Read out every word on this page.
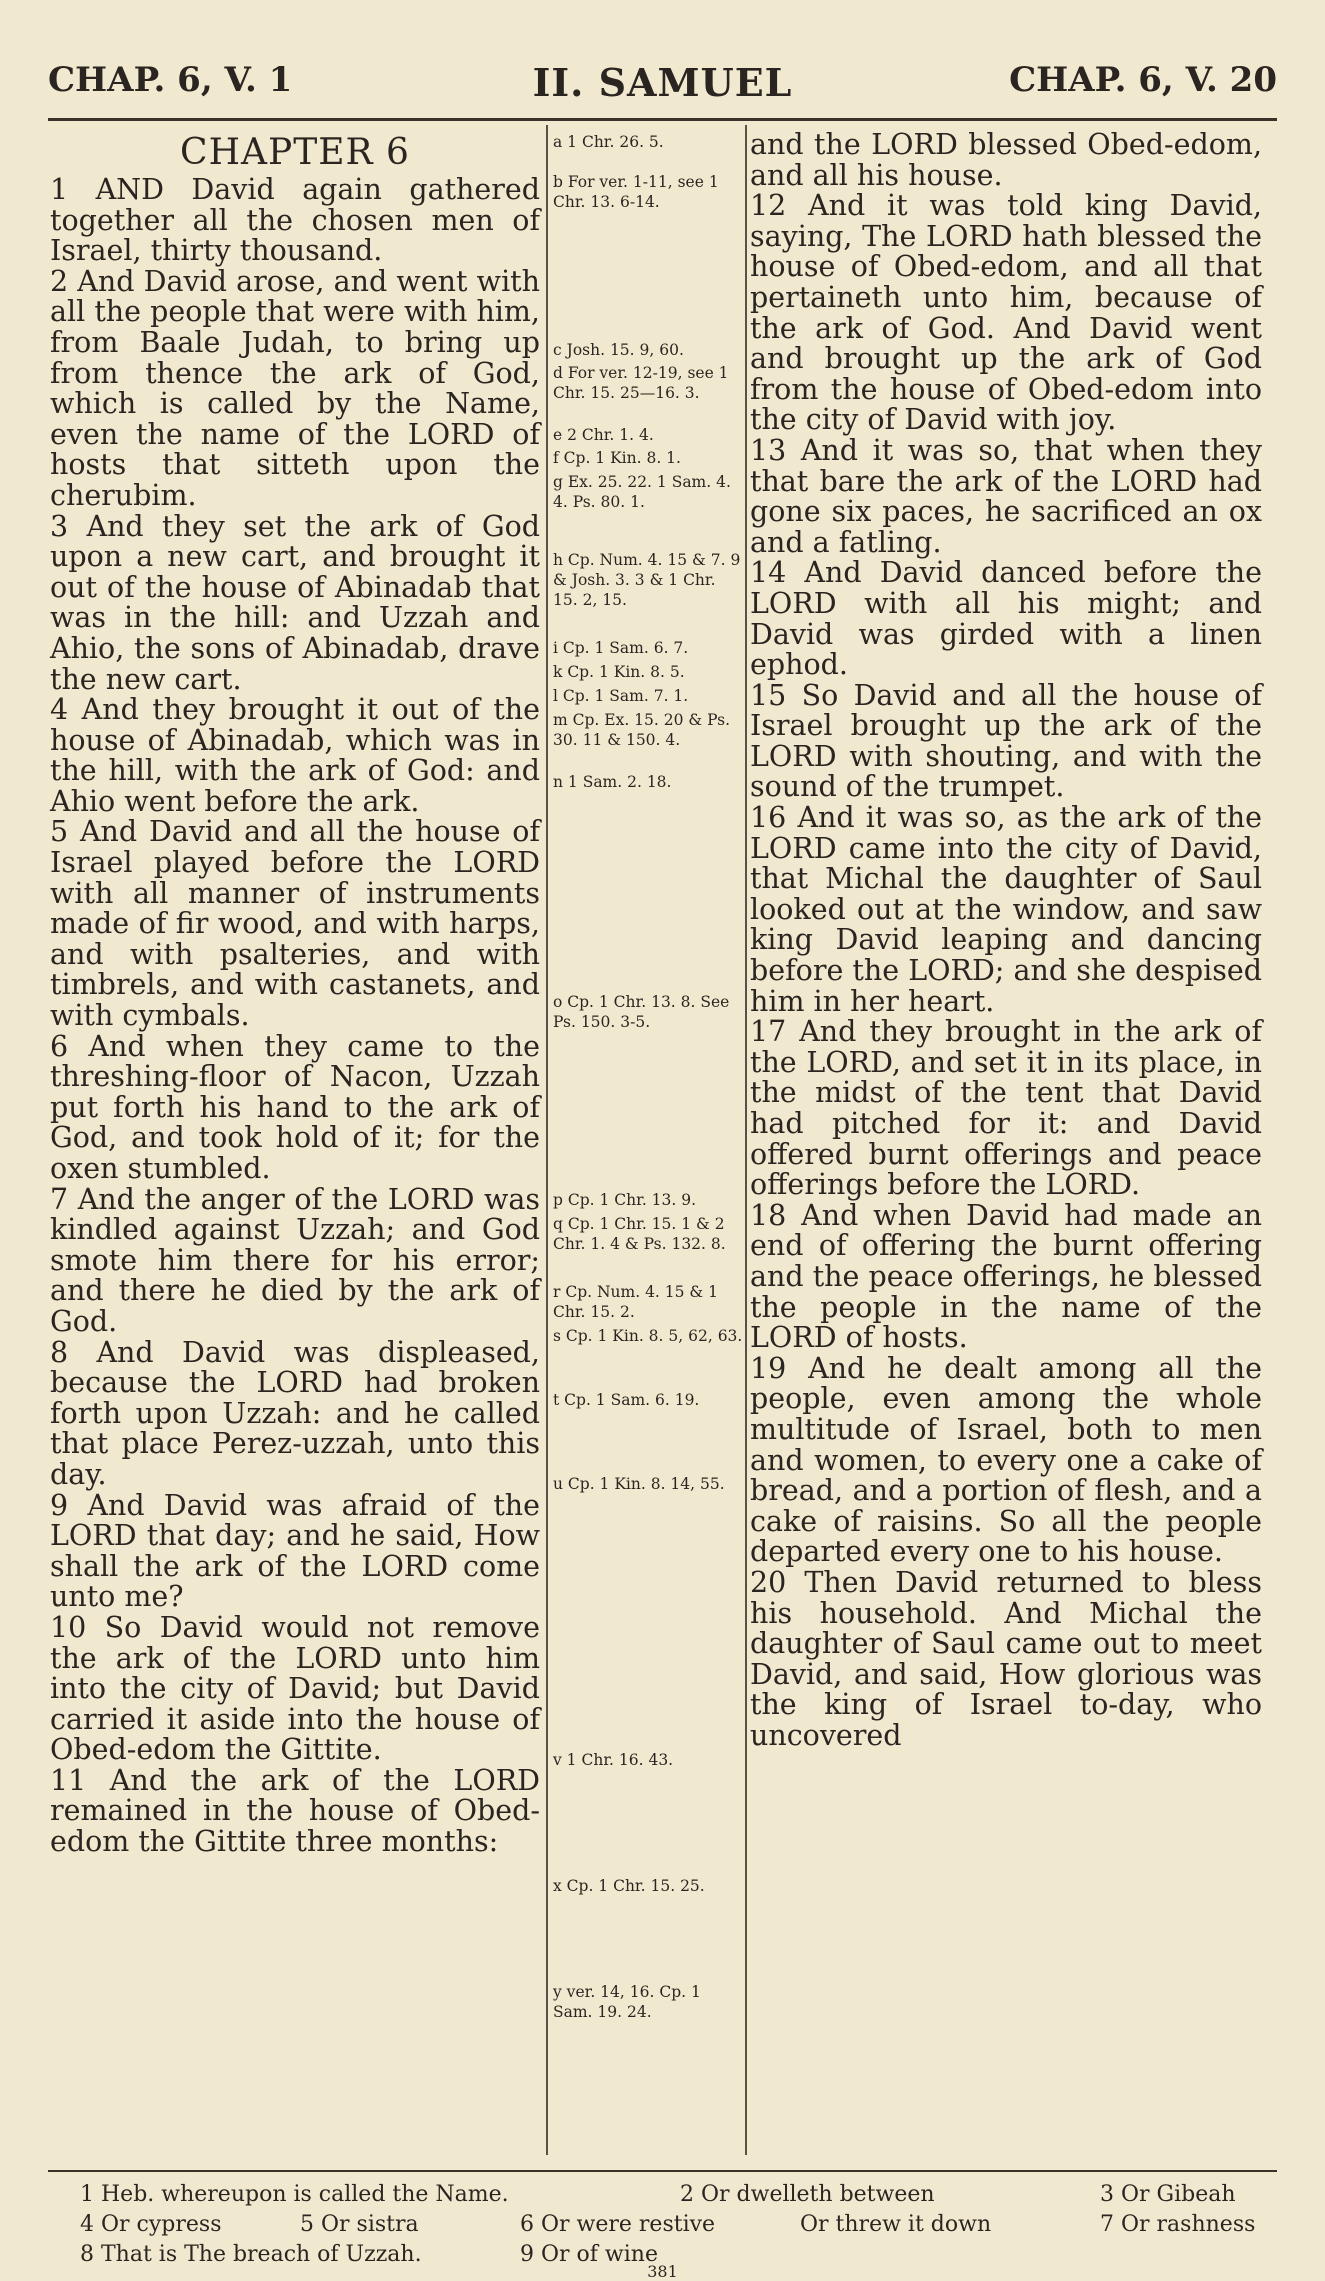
CHAP. 6, V. 1	II. SAMUEL	CHAP. 6, V. 20
CHAPTER 6

1 AND David again gathered together all the chosen men of Israel, thirty thousand.

2 And David arose, and went with all the people that were with him, from Baale Judah, to bring up from thence the ark of God, which is called by the Name, even the name of the LORD of hosts that sitteth upon the cherubim.

3 And they set the ark of God upon a new cart, and brought it out of the house of Abinadab that was in the hill: and Uzzah and Ahio, the sons of Abinadab, drave the new cart.

4 And they brought it out of the house of Abinadab, which was in the hill, with the ark of God: and Ahio went before the ark.

5 And David and all the house of Israel played before the LORD with all manner of instruments made of fir wood, and with harps, and with psalteries, and with timbrels, and with castanets, and with cymbals.

6 And when they came to the threshing-floor of Nacon, Uzzah put forth his hand to the ark of God, and took hold of it; for the oxen stumbled.

7 And the anger of the LORD was kindled against Uzzah; and God smote him there for his error; and there he died by the ark of God.

8 And David was displeased, because the LORD had broken forth upon Uzzah: and he called that place Perez-uzzah, unto this day.

9 And David was afraid of the LORD that day; and he said, How shall the ark of the LORD come unto me?

10 So David would not remove the ark of the LORD unto him into the city of David; but David carried it aside into the house of Obed-edom the Gittite.

11 And the ark of the LORD remained in the house of Obed-edom the Gittite three months:

a 1 Chr. 26. 5.
b For ver. 1-11, see 1 Chr. 13. 6-14.
c Josh. 15. 9, 60.
d For ver. 12-19, see 1 Chr. 15. 25—16. 3.
e 2 Chr. 1. 4.
f Cp. 1 Kin. 8. 1.
g Ex. 25. 22. 1 Sam. 4. 4. Ps. 80. 1.
h Cp. Num. 4. 15 & 7. 9 & Josh. 3. 3 & 1 Chr. 15. 2, 15.
i Cp. 1 Sam. 6. 7.
k Cp. 1 Kin. 8. 5.
l Cp. 1 Sam. 7. 1.
m Cp. Ex. 15. 20 & Ps. 30. 11 & 150. 4.
n 1 Sam. 2. 18.
o Cp. 1 Chr. 13. 8. See Ps. 150. 3-5.
p Cp. 1 Chr. 13. 9.
q Cp. 1 Chr. 15. 1 & 2 Chr. 1. 4 & Ps. 132. 8.
r Cp. Num. 4. 15 & 1 Chr. 15. 2.
s Cp. 1 Kin. 8. 5, 62, 63.
t Cp. 1 Sam. 6. 19.
u Cp. 1 Kin. 8. 14, 55.
v 1 Chr. 16. 43.
x Cp. 1 Chr. 15. 25.
y ver. 14, 16. Cp. 1 Sam. 19. 24.

and the LORD blessed Obed-edom, and all his house.

12 And it was told king David, saying, The LORD hath blessed the house of Obed-edom, and all that pertaineth unto him, because of the ark of God. And David went and brought up the ark of God from the house of Obed-edom into the city of David with joy.

13 And it was so, that when they that bare the ark of the LORD had gone six paces, he sacrificed an ox and a fatling.

14 And David danced before the LORD with all his might; and David was girded with a linen ephod.

15 So David and all the house of Israel brought up the ark of the LORD with shouting, and with the sound of the trumpet.

16 And it was so, as the ark of the LORD came into the city of David, that Michal the daughter of Saul looked out at the window, and saw king David leaping and dancing before the LORD; and she despised him in her heart.

17 And they brought in the ark of the LORD, and set it in its place, in the midst of the tent that David had pitched for it: and David offered burnt offerings and peace offerings before the LORD.

18 And when David had made an end of offering the burnt offering and the peace offerings, he blessed the people in the name of the LORD of hosts.

19 And he dealt among all the people, even among the whole multitude of Israel, both to men and women, to every one a cake of bread, and a portion of flesh, and a cake of raisins. So all the people departed every one to his house.

20 Then David returned to bless his household. And Michal the daughter of Saul came out to meet David, and said, How glorious was the king of Israel to-day, who uncovered

1 Heb. whereupon is called the Name.	2 Or dwelleth between	3 Or Gibeah
4 Or cypress	5 Or sistra	6 Or were restive	Or threw it down	7 Or rashness
8 That is The breach of Uzzah.	9 Or of wine
381
